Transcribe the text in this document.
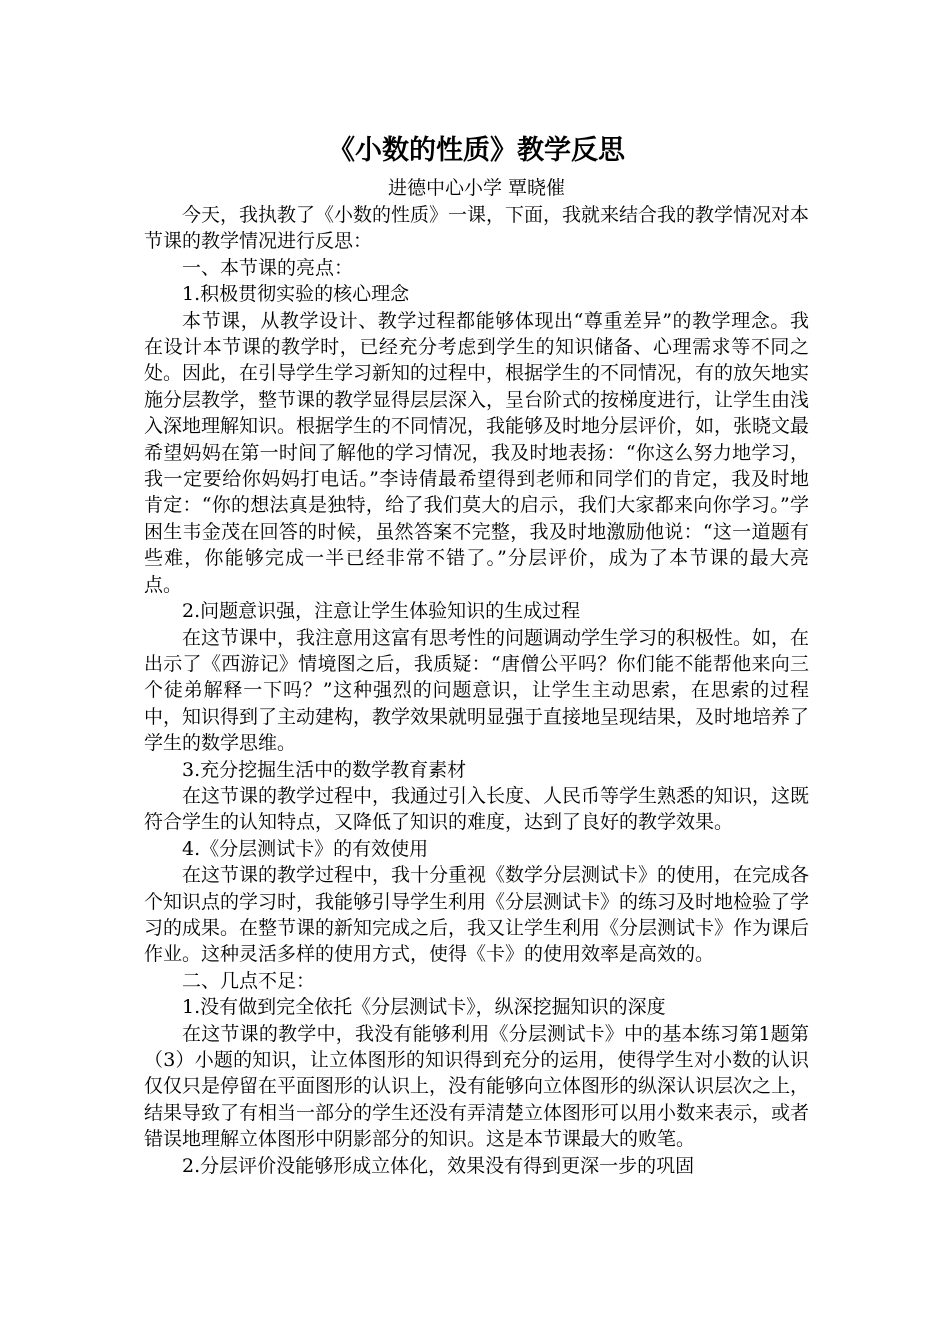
《小数的性质》教学反思

进德中心小学 覃晓催

今天，我执教了《小数的性质》一课，下面，我就来结合我的教学情况对本节课的教学情况进行反思：

一、本节课的亮点：

1.积极贯彻实验的核心理念

本节课，从教学设计、教学过程都能够体现出“尊重差异”的教学理念。我在设计本节课的教学时，已经充分考虑到学生的知识储备、心理需求等不同之处。因此，在引导学生学习新知的过程中，根据学生的不同情况，有的放矢地实施分层教学，整节课的教学显得层层深入，呈台阶式的按梯度进行，让学生由浅入深地理解知识。根据学生的不同情况，我能够及时地分层评价，如，张晓文最希望妈妈在第一时间了解他的学习情况，我及时地表扬：“你这么努力地学习，我一定要给你妈妈打电话。”李诗倩最希望得到老师和同学们的肯定，我及时地肯定：“你的想法真是独特，给了我们莫大的启示，我们大家都来向你学习。”学困生韦金茂在回答的时候，虽然答案不完整，我及时地激励他说：“这一道题有些难，你能够完成一半已经非常不错了。”分层评价，成为了本节课的最大亮点。

2.问题意识强，注意让学生体验知识的生成过程

在这节课中，我注意用这富有思考性的问题调动学生学习的积极性。如，在出示了《西游记》情境图之后，我质疑：“唐僧公平吗？你们能不能帮他来向三个徒弟解释一下吗？”这种强烈的问题意识，让学生主动思索，在思索的过程中，知识得到了主动建构，教学效果就明显强于直接地呈现结果，及时地培养了学生的数学思维。

3.充分挖掘生活中的数学教育素材

在这节课的教学过程中，我通过引入长度、人民币等学生熟悉的知识，这既符合学生的认知特点，又降低了知识的难度，达到了良好的教学效果。

4.《分层测试卡》的有效使用

在这节课的教学过程中，我十分重视《数学分层测试卡》的使用，在完成各个知识点的学习时，我能够引导学生利用《分层测试卡》的练习及时地检验了学习的成果。在整节课的新知完成之后，我又让学生利用《分层测试卡》作为课后作业。这种灵活多样的使用方式，使得《卡》的使用效率是高效的。

二、几点不足：

1.没有做到完全依托《分层测试卡》，纵深挖掘知识的深度

在这节课的教学中，我没有能够利用《分层测试卡》中的基本练习第1题第（3）小题的知识，让立体图形的知识得到充分的运用，使得学生对小数的认识仅仅只是停留在平面图形的认识上，没有能够向立体图形的纵深认识层次之上，结果导致了有相当一部分的学生还没有弄清楚立体图形可以用小数来表示，或者错误地理解立体图形中阴影部分的知识。这是本节课最大的败笔。

2.分层评价没能够形成立体化，效果没有得到更深一步的巩固
